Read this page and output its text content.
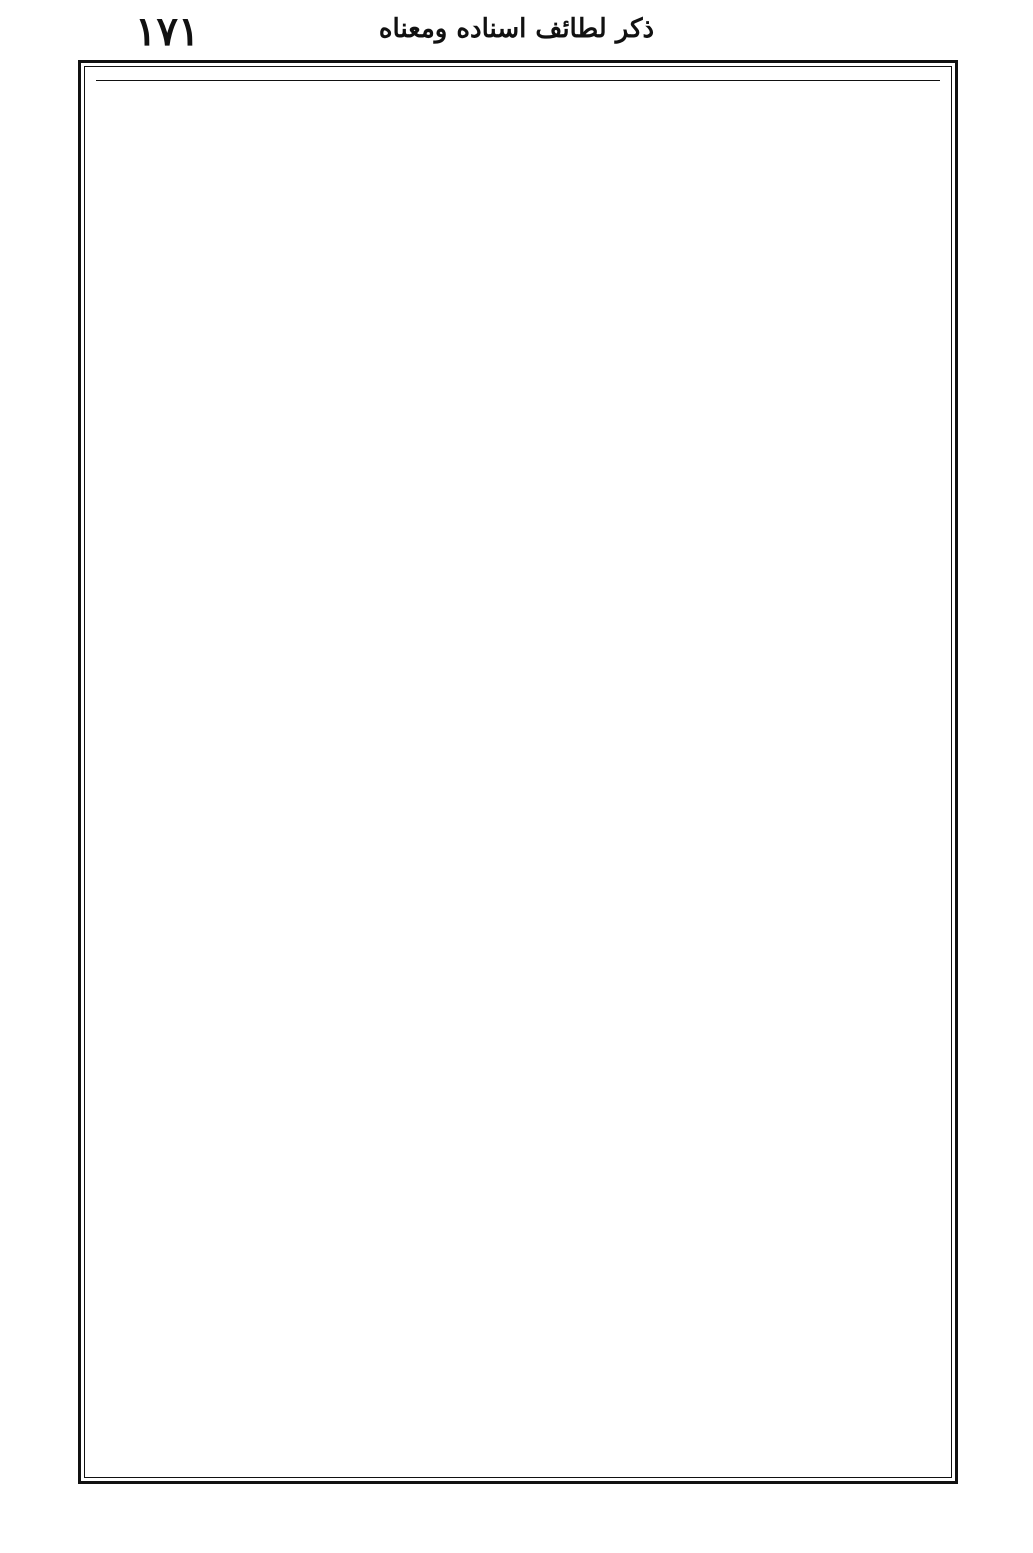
۱۷۱	ذكر لطائف اسناده ومعناه
